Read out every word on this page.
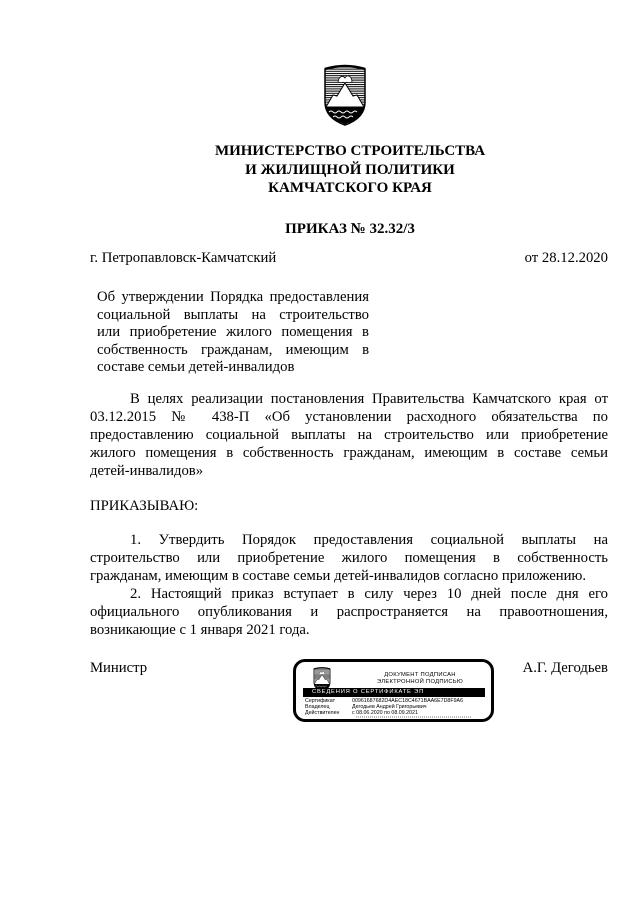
МИНИСТЕРСТВО СТРОИТЕЛЬСТВА
И ЖИЛИЩНОЙ ПОЛИТИКИ
КАМЧАТСКОГО КРАЯ
ПРИКАЗ № 32.32/3
г. Петропавловск-Камчатский	от 28.12.2020
Об утверждении Порядка предоставления
социальной выплаты на строительство
или приобретение жилого помещения в
собственность гражданам, имеющим в
составе семьи детей-инвалидов
В целях реализации постановления Правительства Камчатского края от
03.12.2015 № 438-П «Об установлении расходного обязательства по
предоставлению социальной выплаты на строительство или приобретение
жилого помещения в собственность гражданам, имеющим в составе семьи
детей-инвалидов»
ПРИКАЗЫВАЮ:
1. Утвердить Порядок предоставления социальной выплаты на
строительство или приобретение жилого помещения в собственность
гражданам, имеющим в составе семьи детей-инвалидов согласно приложению.
2. Настоящий приказ вступает в силу через 10 дней после дня его
официального опубликования и распространяется на правоотношения,
возникающие с 1 января 2021 года.
Министр	А.Г. Дегодьев
ДОКУМЕНТ ПОДПИСАН
ЭЛЕКТРОННОЙ ПОДПИСЬЮ
СВЕДЕНИЯ О СЕРТИФИКАТЕ ЭП
Сертификат	00961687682D4AEC18C4671BAA6E7D8F9A6
Владелец	Дегодьев Андрей Григорьевич
Действителен с 08.06.2020 по 08.09.2021
